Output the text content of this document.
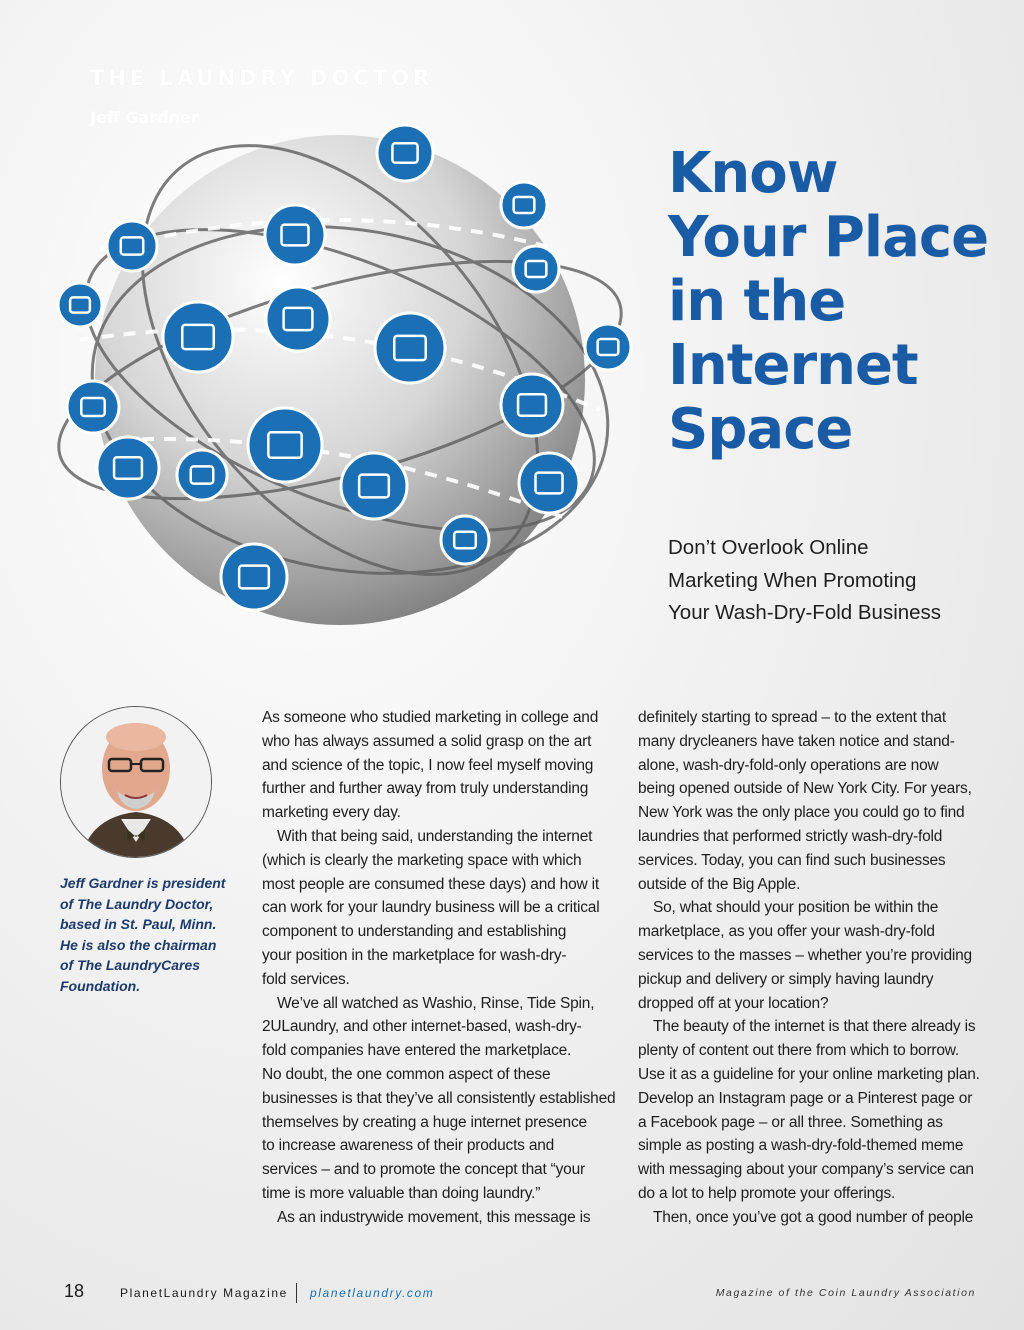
THE LAUNDRY DOCTOR
Jeff Gardner
Know
Your Place
in the
Internet
Space
Don’t Overlook Online
Marketing When Promoting
Your Wash-Dry-Fold Business
Jeff Gardner is president
of The Laundry Doctor,
based in St. Paul, Minn.
He is also the chairman
of The LaundryCares
Foundation.
As someone who studied marketing in college and
who has always assumed a solid grasp on the art
and science of the topic, I now feel myself moving
further and further away from truly understanding
marketing every day.
With that being said, understanding the internet
(which is clearly the marketing space with which
most people are consumed these days) and how it
can work for your laundry business will be a critical
component to understanding and establishing
your position in the marketplace for wash-dry-
fold services.
We’ve all watched as Washio, Rinse, Tide Spin,
2ULaundry, and other internet-based, wash-dry-
fold companies have entered the marketplace.
No doubt, the one common aspect of these
businesses is that they’ve all consistently established
themselves by creating a huge internet presence
to increase awareness of their products and
services – and to promote the concept that “your
time is more valuable than doing laundry.”
As an industrywide movement, this message is
definitely starting to spread – to the extent that
many drycleaners have taken notice and stand-
alone, wash-dry-fold-only operations are now
being opened outside of New York City. For years,
New York was the only place you could go to find
laundries that performed strictly wash-dry-fold
services. Today, you can find such businesses
outside of the Big Apple.
So, what should your position be within the
marketplace, as you offer your wash-dry-fold
services to the masses – whether you’re providing
pickup and delivery or simply having laundry
dropped off at your location?
The beauty of the internet is that there already is
plenty of content out there from which to borrow.
Use it as a guideline for your online marketing plan.
Develop an Instagram page or a Pinterest page or
a Facebook page – or all three. Something as
simple as posting a wash-dry-fold-themed meme
with messaging about your company’s service can
do a lot to help promote your offerings.
Then, once you’ve got a good number of people
18	PlanetLaundry Magazine planetlaundry.com	Magazine of the Coin Laundry Association
